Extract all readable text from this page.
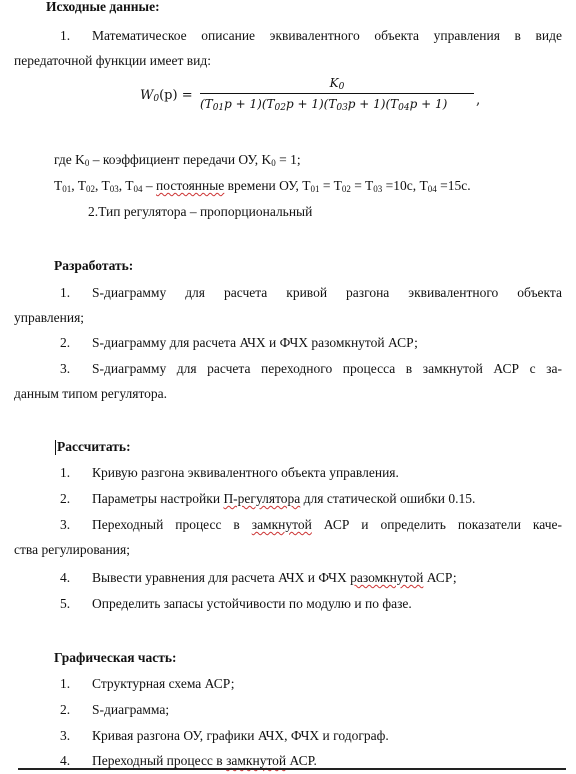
Исходные данные:
1. Математическое описание эквивалентного объекта управления в виде
передаточной функции имеет вид:
$W_0(p)$ =
$K_0$
$(T_{01}p + 1)(T_{02}p + 1)(T_{03}p + 1)(T_{04}p + 1)$ ,
где $K_0$ – коэффициент передачи ОУ, $K_0 = 1$;
$T_{01}$, $T_{02}$, $T_{03}$, $T_{04}$ – постоянные времени ОУ, $T_{01} = T_{02} = T_{03} =10с$, $T_{04} =15с$.
2.Тип регулятора – пропорциональный
Разработать:
1. S-диаграмму для расчета кривой разгона эквивалентного объекта
управления;
2. S-диаграмму для расчета АЧХ и ФЧХ разомкнутой АСР;
3. S-диаграмму для расчета переходного процесса в замкнутой АСР с за-
данным типом регулятора.
Рассчитать:
1. Кривую разгона эквивалентного объекта управления.
2. Параметры настройки П-регулятора для статической ошибки 0.15.
3. Переходный процесс в замкнутой АСР и определить показатели каче-
ства регулирования;
4. Вывести уравнения для расчета АЧХ и ФЧХ разомкнутой АСР;
5. Определить запасы устойчивости по модулю и по фазе.
Графическая часть:
1. Структурная схема АСР;
2. S-диаграмма;
3. Кривая разгона ОУ, графики АЧХ, ФЧХ и годограф.
4. Переходный процесс в замкнутой АСР.
